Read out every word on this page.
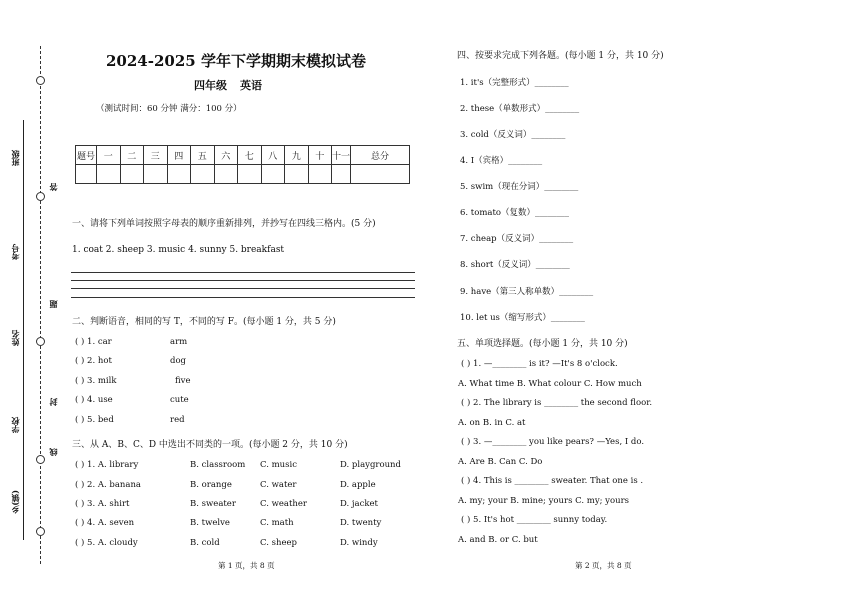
班级
考号
姓名
学校
乡(镇)
答
题
封
线
2024-2025 学年下学期期末模拟试卷
四年级 英语
（测试时间：60 分钟 满分：100 分）
题号	一	二	三	四	五	六	七	八	九	十	十一	总分

一、请将下列单词按照字母表的顺序重新排列，并抄写在四线三格内。(5 分)
1. coat 2. sheep 3. music 4. sunny 5. breakfast
二、判断语音，相同的写 T，不同的写 F。(每小题 1 分，共 5 分)
( ) 1. car	arm
( ) 2. hot	dog
( ) 3. milk	five
( ) 4. use	cute
( ) 5. bed	red
三、从 A、B、C、D 中选出不同类的一项。(每小题 2 分，共 10 分)
( ) 1. A. library	B. classroom C. music	D. playground
( ) 2. A. banana	B. orange	C. water	D. apple
( ) 3. A. shirt	B. sweater	C. weather	D. jacket
( ) 4. A. seven	B. twelve	C. math	D. twenty
( ) 5. A. cloudy	B. cold	C. sheep	D. windy
第 1 页，共 8 页
四、按要求完成下列各题。(每小题 1 分，共 10 分)
1. it's（完整形式）________
2. these（单数形式）________
3. cold（反义词）________
4. I（宾格）________
5. swim（现在分词）________
6. tomato（复数）________
7. cheap（反义词）________
8. short（反义词）________
9. have（第三人称单数）________
10. let us（缩写形式）________
五、单项选择题。(每小题 1 分，共 10 分)
( ) 1. —________ is it? —It's 8 o'clock.
A. What time B. What colour C. How much
( ) 2. The library is ________ the second floor.
A. on B. in C. at
( ) 3. —________ you like pears? —Yes, I do.
A. Are B. Can C. Do
( ) 4. This is ________ sweater. That one is .
A. my; your B. mine; yours C. my; yours
( ) 5. It's hot ________ sunny today.
A. and B. or C. but
第 2 页，共 8 页
